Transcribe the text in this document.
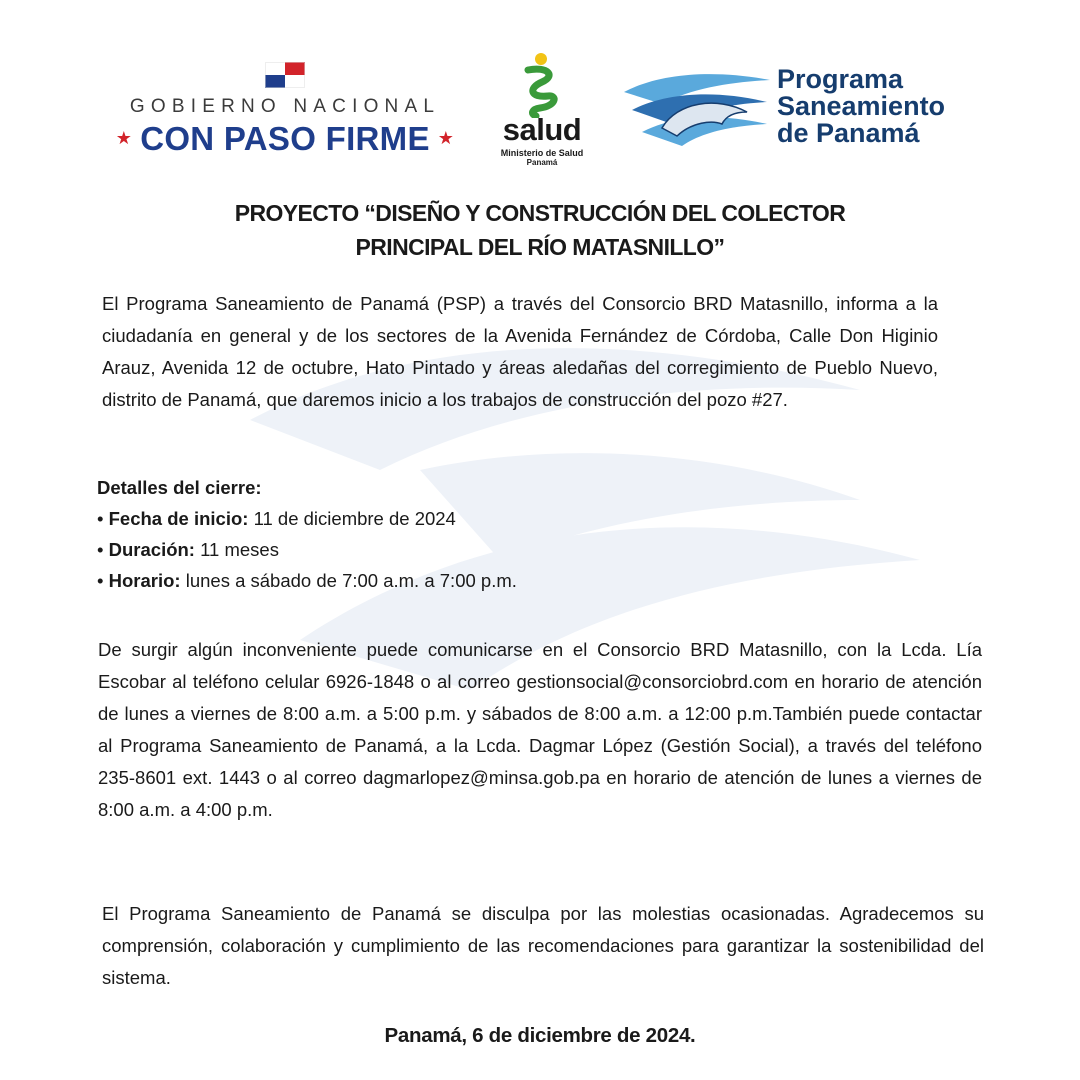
GOBIERNO NACIONAL
★ CON PASO FIRME ★	salud
Ministerio de Salud
Panamá
Programa
Saneamiento
de Panamá
PROYECTO “DISEÑO Y CONSTRUCCIÓN DEL COLECTOR
PRINCIPAL DEL RÍO MATASNILLO”
El Programa Saneamiento de Panamá (PSP) a través del Consorcio BRD Matasnillo, informa a la ciudadanía en general y de los sectores de la Avenida Fernández de Córdoba, Calle Don Higinio Arauz, Avenida 12 de octubre, Hato Pintado y áreas aledañas del corregimiento de Pueblo Nuevo, distrito de Panamá, que daremos inicio a los trabajos de construcción del pozo #27.
Detalles del cierre:
• Fecha de inicio: 11 de diciembre de 2024
• Duración: 11 meses
• Horario: lunes a sábado de 7:00 a.m. a 7:00 p.m.
De surgir algún inconveniente puede comunicarse en el Consorcio BRD Matasnillo, con la Lcda. Lía Escobar al teléfono celular 6926-1848 o al correo gestionsocial@consorciobrd.com en horario de atención de lunes a viernes de 8:00 a.m. a 5:00 p.m. y sábados de 8:00 a.m. a 12:00 p.m.También puede contactar al Programa Saneamiento de Panamá, a la Lcda. Dagmar López (Gestión Social), a través del teléfono 235-8601 ext. 1443 o al correo dagmarlopez@minsa.gob.pa en horario de atención de lunes a viernes de 8:00 a.m. a 4:00 p.m.
El Programa Saneamiento de Panamá se disculpa por las molestias ocasionadas. Agradecemos su comprensión, colaboración y cumplimiento de las recomendaciones para garantizar la sostenibilidad del sistema.
Panamá, 6 de diciembre de 2024.
